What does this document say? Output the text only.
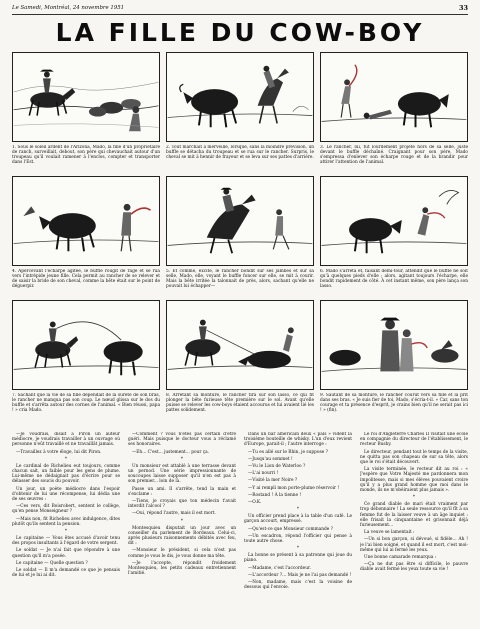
Le Samedi, Montréal, 24 novembre 1951	33
LA FILLE DU COW-BOY
1. Sous le soleil ardent de l'Arizona, Mado, la fille d'un propriétaire de ranch, surveillait, debout, son père qui chevauchait autour d'un troupeau qu'il voulait ramener à l'enclos, compter et transporter dans l'Est.
2. Tout marchait à merveille, lorsque, sans la moindre prévision, un buffle se détacha du troupeau et se rua sur le rancher. Surpris, le cheval se mit à hennir de frayeur et se leva sur ses pattes d'arrière.
3. Le rancher, lui, fut lourdement projeté hors de sa selle, juste devant le buffle déchaîné. Craignant pour son père, Mado s'empressa d'enlever son écharpe rouge et de la brandir pour attirer l'attention de l'animal.
4. Apercevant l'écharpe agitée, le buffle rougit de rage et se rua vers l'intrépide jeune fille. Cela permit au rancher de se relever et de saisir la bride de son cheval, comme la bête était sur le point de déguerpir.
5. Et comme, excité, le rancher bondit sur ses jambes et sur sa selle, Mado, elle, voyant le buffle foncer sur elle, se mit à courir. Mais la bête irritée la talonnait de près, alors, sachant qu'elle ne pouvait lui échapper—
6. Mado s'arrêta et, faisant demi-tour, attendit que le buffle ne soit qu'à quelques pieds d'elle ; alors, agitant toujours l'écharpe, elle bondit rapidement de côté. À cet instant même, son père lança son lasso.
7. Sachant que la vie de sa fille dépendait de la sûreté de son bras, le rancher ne manqua pas son coup. Le nœud glissa sur le dos du buffle et s'arrêta autour des cornes de l'animal. « Bien réussi, papa ! » cria Mado.
8. Arrêtant sa monture, le rancher tira sur son lasso, ce qui fit plonger la bête furieuse tête première sur le sol. Avant qu'elle puisse se relever les cow-boys étaient accourus et lui avaient lié les pattes solidement.
9. Sautant de sa monture, le rancher courut vers sa fille et la prit dans ses bras. « Je suis fier de toi, Mado, s'écria-t-il. » Car, sans ton courage et ta présence d'esprit, je crains bien qu'il ne serait pas ici ! » (fin).

—Je voudrais, disait à Piron un auteur médiocre, je voudrais travailler à un ouvrage où personne n'eût travaillé et ne travaillât jamais.

—Travaillez à votre éloge, lui dit Piron.

*

Le cardinal de Richelieu eut toujours, comme chacun sait, un faible pour les gens de plume. Lui-même ne dédaignait pas d'écrire pour se délasser des soucis du pouvoir.

Un jour, un poète médiocre dans l'espoir d'obtenir de lui une récompense, lui dédia une de ses œuvres :

—Ces vers, dit Boisrobert, sentent le collège, qu'en pense Monseigneur ?

—Mais non, fit Richelieu avec indulgence, dites plutôt qu'ils sentent la pension.

*

Le capitaine — Vous êtes accusé d'avoir tenu des propos insultants à l'égard de votre sergent.

Le soldat — Je n'ai fait que répondre à une question qu'il m'a posée.

Le capitaine — Quelle question ?

Le soldat — Il m'a demandé ce que je pensais de lui et je lui ai dit.

—Comment ? vous n'êtes pas certain d'être guéri. Mais puisque le docteur vous a réclamé ses honoraires.

—Eh... C'est... justement... pour ça.

*

Un monsieur est attablé à une terrasse devant un pernod. Une série impressionnante de soucoupes laisse supposer qu'il n'en est pas à son premier... loin de là.

Passe un ami. Il s'arrête, tend la main et s'exclame :

—Tiens, je croyais que ton médecin t'avait interdit l'alcool ?

—Oui, répond l'autre, mais il est mort.

*

Montesquieu disputait un jour avec un conseiller du parlement de Bordeaux. Celui-ci, après plusieurs raisonnements débités avec feu, dit :

—Monsieur le président, si cela n'est pas comme je vous le dis, je vous donne ma tête.

—Je l'accepte, répondit froidement Montesquieu, les petits cadeaux entretiennent l'amitié.

Dans un bar américain deux « pals » vident la troisième bouteille de whisky. L'un d'eux revient d'Europe, parait-il ; l'autre interroge :

—Tu es allé sur le Rhin, je suppose ?

—Jusqu'au sommet !

—Vu le Lion de Waterloo ?

—L'ai nourri !

—Visité la mer Noire ?

—Y ai rempli mon porte-plume réservoir !

—Rostand ! À la tienne !

—O.K.

*

Un officier prend place à la table d'un café. Le garçon accourt, empressé.

—Qu'est-ce que Monsieur commande ?

—Un escadron, répond l'officier qui pense à toute autre chose.

*

La bonne se présent à sa patronne qui joue du piano.

—Madame, c'est l'accordeur.

—L'accordeur ?... Mais je ne l'ai pas demandé !

—Non, madame, mais c'est la voisine de dessous qui l'envoie.

Le roi d'Angleterre Charles II visitait une école en compagnie du directeur de l'établissement, le recteur Busby.

Le directeur, pendant tout le temps de la visite, ne quitta pas son chapeau de sur sa tête, alors que le roi s'était découvert.

La visite terminée, le recteur dit au roi : « J'espère que Votre Majesté me pardonnera mon impolitesse, mais si mes élèves pouvaient croire qu'il y a plus grand homme que moi dans le monde, ils ne m'obéiraient plus jamais ».

*

Ce grand diable de mari était vraiment par trop débonnaire ! La seule ressource qu'il fît à sa femme fut de la laisser veuve à un âge inquiet : elle frisait la cinquantaine et grisonnait déjà furieusement...

La veuve se lamentait :

—Un si bon garçon, si dévoué, si fidèle... Ah ! je l'ai bien soigné, et quand il est mort, c'est moi-même qui lui ai fermé les yeux.

Une bonne camarade remarqua :

—Ça ne dut pas être si difficile, le pauvre diable avait fermé les yeux toute sa vie !
